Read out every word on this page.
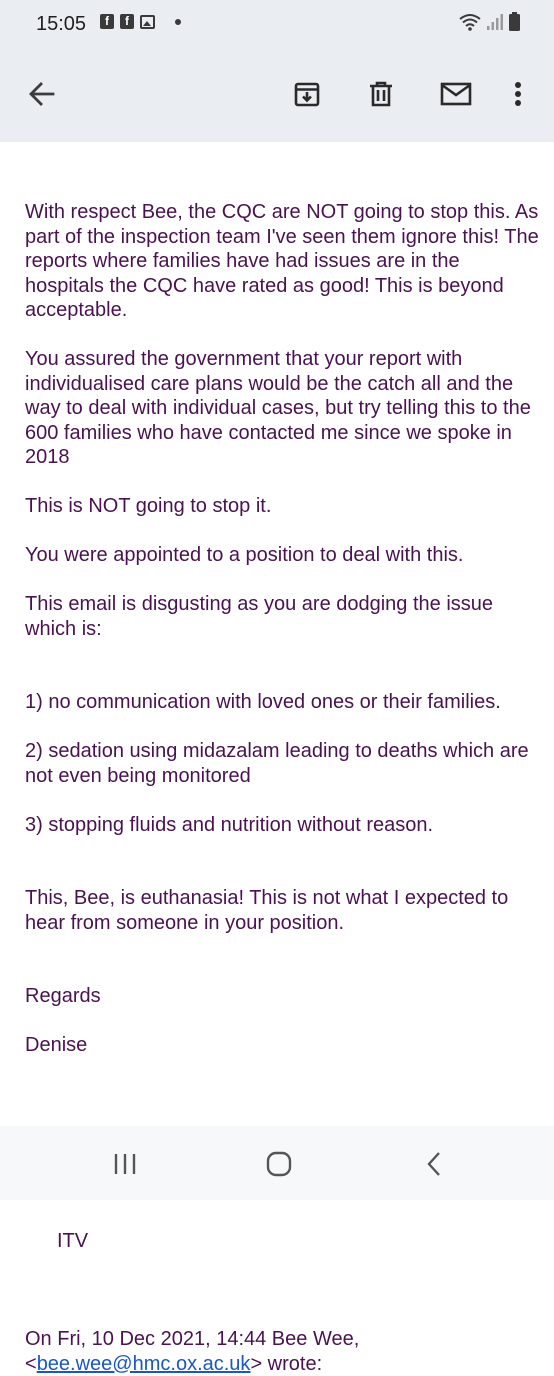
15:05	f	f

With respect Bee, the CQC are NOT going to stop this. As part of the inspection team I've seen them ignore this! The reports where families have had issues are in the hospitals the CQC have rated as good! This is beyond acceptable.

You assured the government that your report with individualised care plans would be the catch all and the way to deal with individual cases, but try telling this to the 600 families who have contacted me since we spoke in 2018

This is NOT going to stop it.

You were appointed to a position to deal with this.

This email is disgusting as you are dodging the issue which is:

1) no communication with loved ones or their families.

2) sedation using midazalam leading to deaths which are not even being monitored

3) stopping fluids and nutrition without reason.

This, Bee, is euthanasia! This is not what I expected to hear from someone in your position.

Regards

Denise

ITV

On Fri, 10 Dec 2021, 14:44 Bee Wee,
<bee.wee@hmc.ox.ac.uk> wrote:
